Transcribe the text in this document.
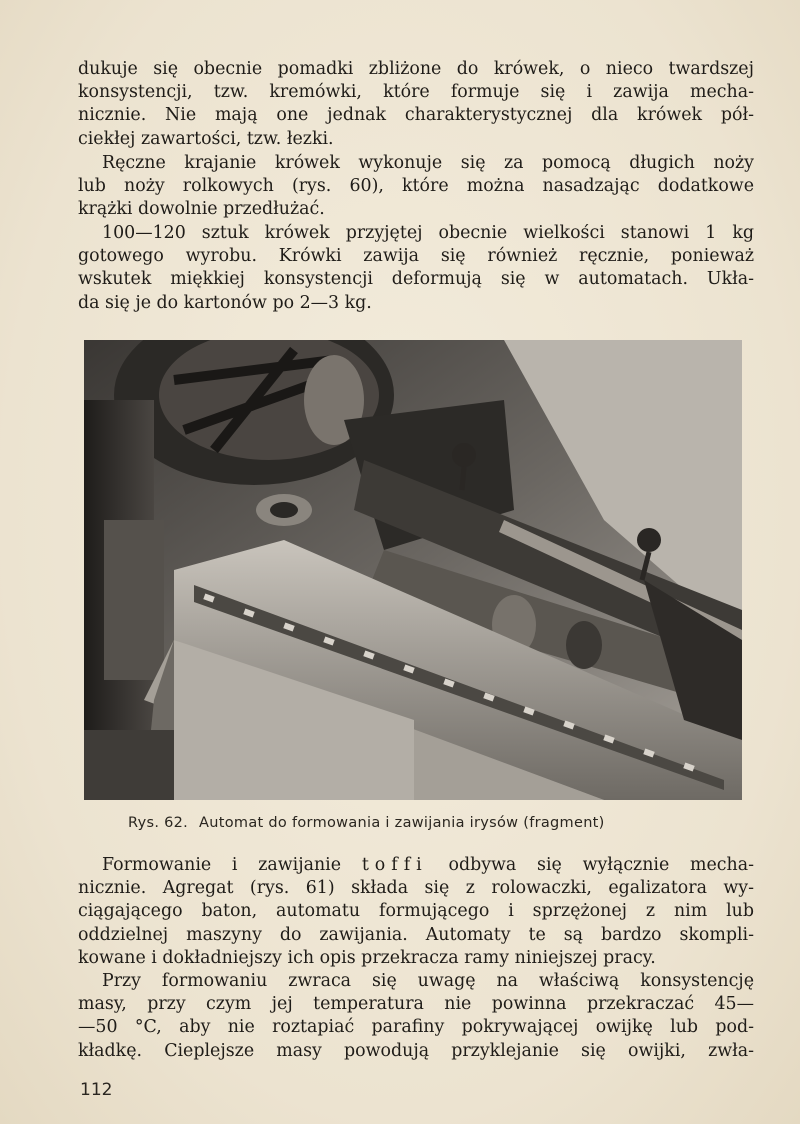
dukuje się obecnie pomadki zbliżone do krówek, o nieco twardszej
konsystencji, tzw. kremówki, które formuje się i zawija mecha-
nicznie. Nie mają one jednak charakterystycznej dla krówek pół-
ciekłej zawartości, tzw. łezki.
Ręczne krajanie krówek wykonuje się za pomocą długich noży
lub noży rolkowych (rys. 60), które można nasadzając dodatkowe
krążki dowolnie przedłużać.
100—120 sztuk krówek przyjętej obecnie wielkości stanowi 1 kg
gotowego wyrobu. Krówki zawija się również ręcznie, ponieważ
wskutek miękkiej konsystencji deformują się w automatach. Ukła-
da się je do kartonów po 2—3 kg.
Rys. 62. Automat do formowania i zawijania irysów (fragment)
Formowanie i zawijanie toffi odbywa się wyłącznie mecha-
nicznie. Agregat (rys. 61) składa się z rolowaczki, egalizatora wy-
ciągającego baton, automatu formującego i sprzężonej z nim lub
oddzielnej maszyny do zawijania. Automaty te są bardzo skompli-
kowane i dokładniejszy ich opis przekracza ramy niniejszej pracy.
Przy formowaniu zwraca się uwagę na właściwą konsystencję
masy, przy czym jej temperatura nie powinna przekraczać 45—
—50 °C, aby nie roztapiać parafiny pokrywającej owijkę lub pod-
kładkę. Cieplejsze masy powodują przyklejanie się owijki, zwła-
112
